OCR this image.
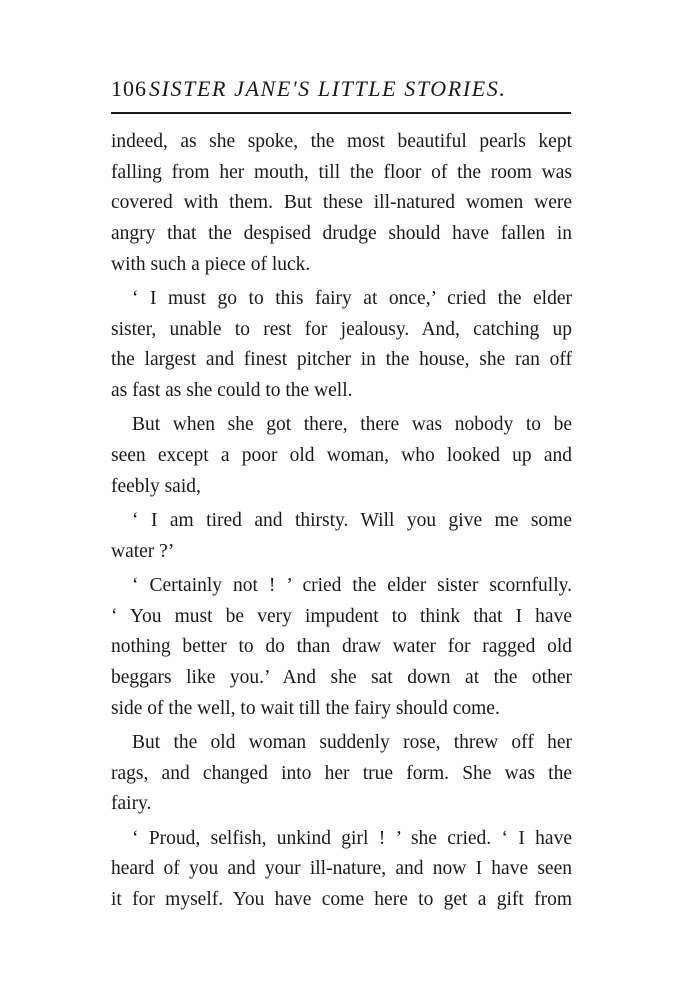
106 SISTER JANE'S LITTLE STORIES.
indeed, as she spoke, the most beautiful pearls kept
falling from her mouth, till the floor of the room was
covered with them. But these ill-natured women were
angry that the despised drudge should have fallen in
with such a piece of luck.
‘ I must go to this fairy at once,’ cried the elder
sister, unable to rest for jealousy. And, catching up
the largest and finest pitcher in the house, she ran off
as fast as she could to the well.
But when she got there, there was nobody to be
seen except a poor old woman, who looked up and
feebly said,
‘ I am tired and thirsty. Will you give me some
water ?’
‘ Certainly not ! ’ cried the elder sister scornfully.
‘ You must be very impudent to think that I have
nothing better to do than draw water for ragged old
beggars like you.’ And she sat down at the other
side of the well, to wait till the fairy should come.
But the old woman suddenly rose, threw off her
rags, and changed into her true form. She was the
fairy.
‘ Proud, selfish, unkind girl ! ’ she cried. ‘ I have
heard of you and your ill-nature, and now I have seen
it for myself. You have come here to get a gift from
